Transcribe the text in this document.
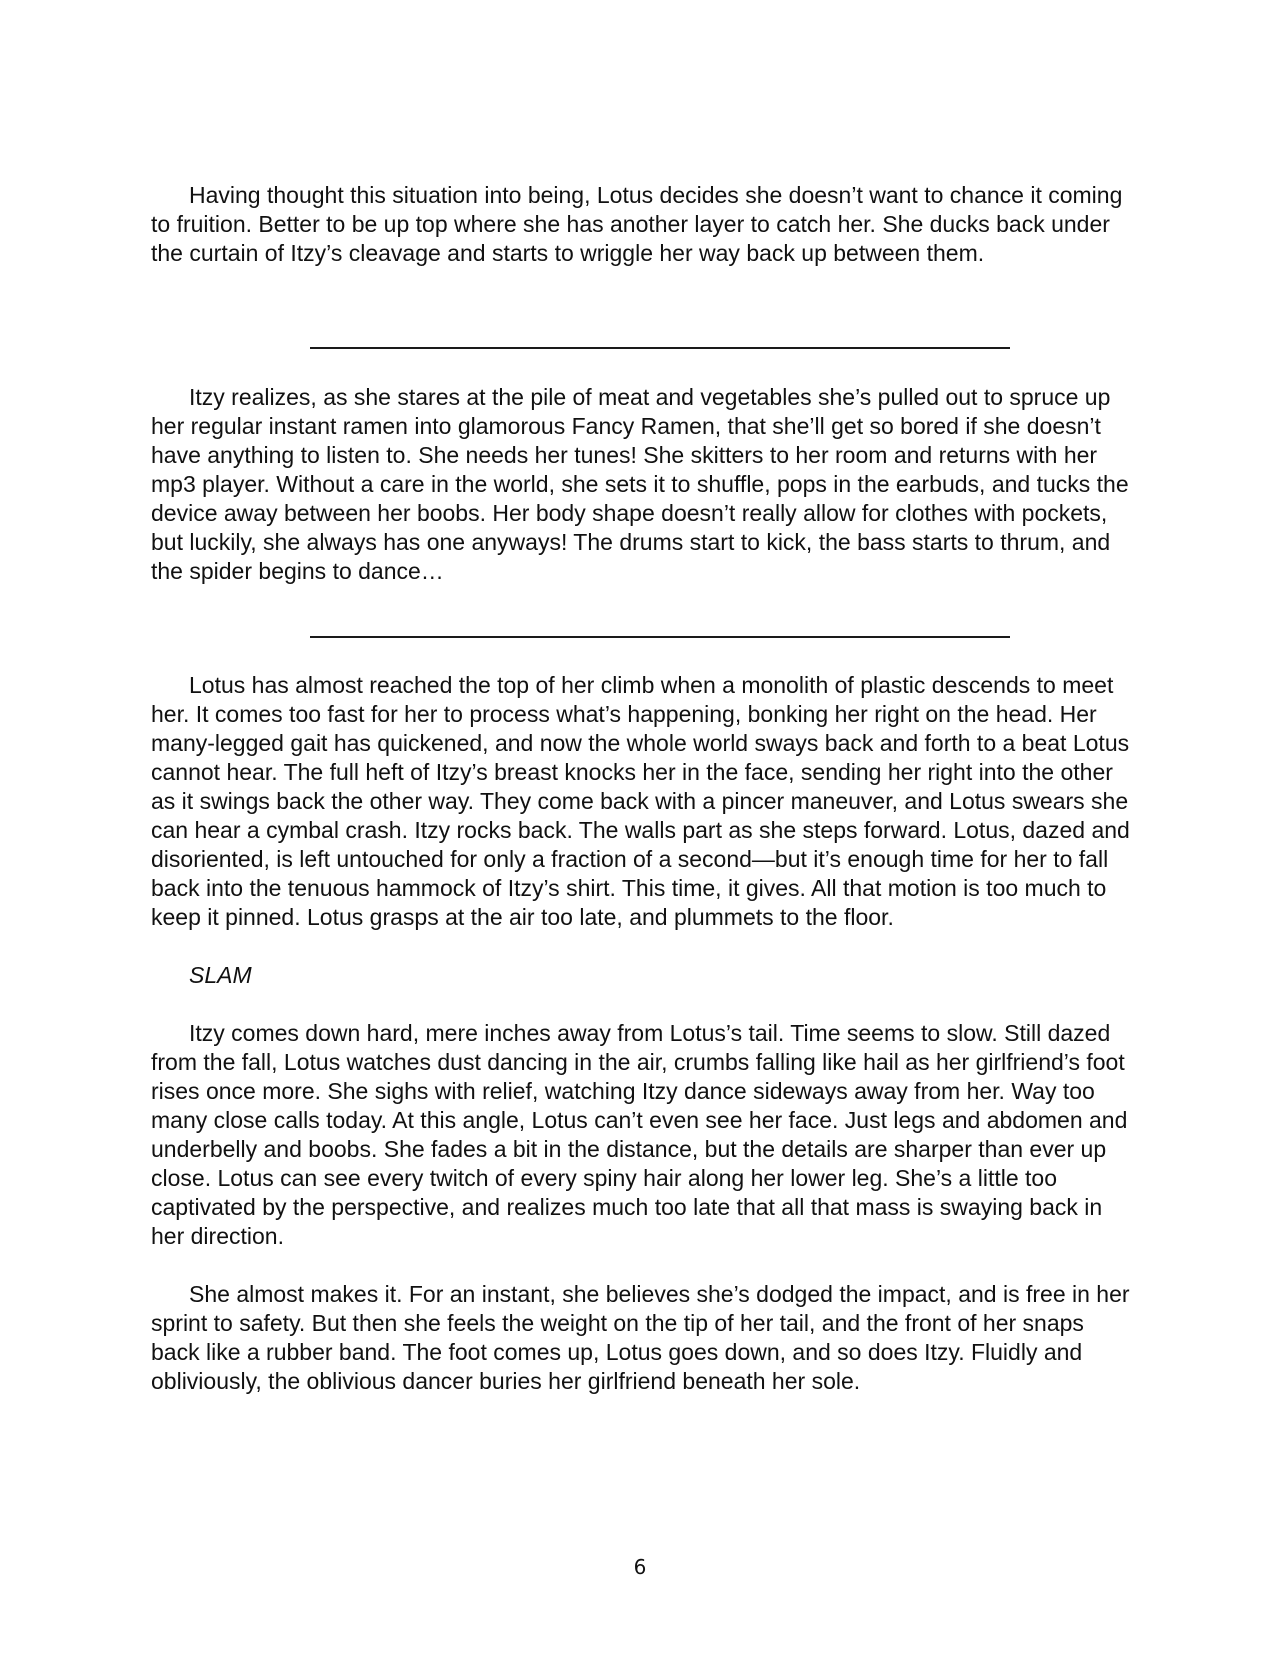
Having thought this situation into being, Lotus decides she doesn’t want to chance it coming to fruition. Better to be up top where she has another layer to catch her. She ducks back under the curtain of Itzy’s cleavage and starts to wriggle her way back up between them.

Itzy realizes, as she stares at the pile of meat and vegetables she’s pulled out to spruce up her regular instant ramen into glamorous Fancy Ramen, that she’ll get so bored if she doesn’t have anything to listen to. She needs her tunes! She skitters to her room and returns with her mp3 player. Without a care in the world, she sets it to shuffle, pops in the earbuds, and tucks the device away between her boobs. Her body shape doesn’t really allow for clothes with pockets, but luckily, she always has one anyways! The drums start to kick, the bass starts to thrum, and the spider begins to dance…

Lotus has almost reached the top of her climb when a monolith of plastic descends to meet her. It comes too fast for her to process what’s happening, bonking her right on the head. Her many-legged gait has quickened, and now the whole world sways back and forth to a beat Lotus cannot hear. The full heft of Itzy’s breast knocks her in the face, sending her right into the other as it swings back the other way. They come back with a pincer maneuver, and Lotus swears she can hear a cymbal crash. Itzy rocks back. The walls part as she steps forward. Lotus, dazed and disoriented, is left untouched for only a fraction of a second—but it’s enough time for her to fall back into the tenuous hammock of Itzy’s shirt. This time, it gives. All that motion is too much to keep it pinned. Lotus grasps at the air too late, and plummets to the floor.

SLAM

Itzy comes down hard, mere inches away from Lotus’s tail. Time seems to slow. Still dazed from the fall, Lotus watches dust dancing in the air, crumbs falling like hail as her girlfriend’s foot rises once more. She sighs with relief, watching Itzy dance sideways away from her. Way too many close calls today. At this angle, Lotus can’t even see her face. Just legs and abdomen and underbelly and boobs. She fades a bit in the distance, but the details are sharper than ever up close. Lotus can see every twitch of every spiny hair along her lower leg. She’s a little too captivated by the perspective, and realizes much too late that all that mass is swaying back in her direction.

She almost makes it. For an instant, she believes she’s dodged the impact, and is free in her sprint to safety. But then she feels the weight on the tip of her tail, and the front of her snaps back like a rubber band. The foot comes up, Lotus goes down, and so does Itzy. Fluidly and obliviously, the oblivious dancer buries her girlfriend beneath her sole.

6
